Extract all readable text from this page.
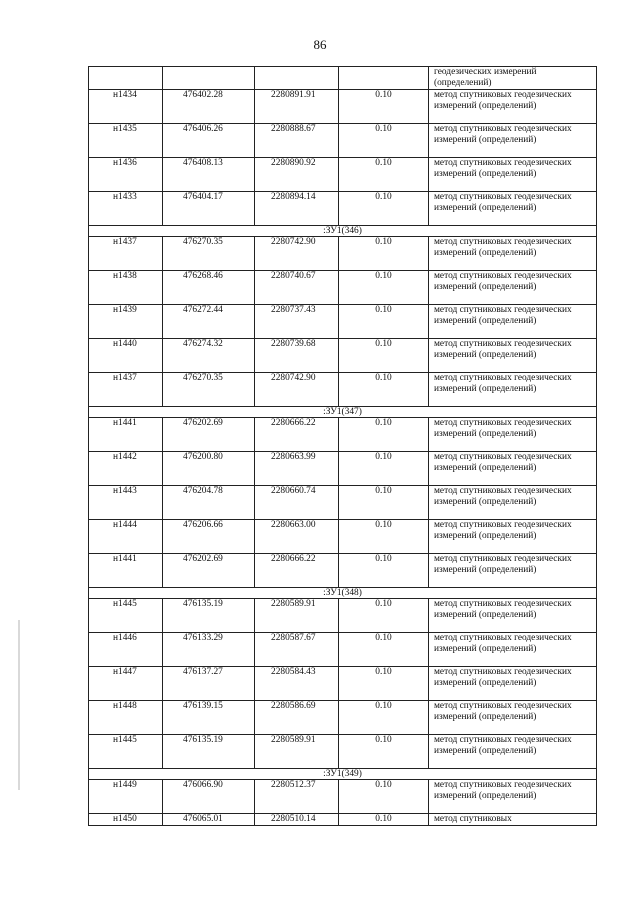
86
				геодезических измерений (определений)
н1434	476402.28	2280891.91	0.10	метод спутниковых геодезических измерений (определений)
н1435	476406.26	2280888.67	0.10	метод спутниковых геодезических измерений (определений)
н1436	476408.13	2280890.92	0.10	метод спутниковых геодезических измерений (определений)
н1433	476404.17	2280894.14	0.10	метод спутниковых геодезических измерений (определений)
:ЗУ1(346)				
н1437	476270.35	2280742.90	0.10	метод спутниковых геодезических измерений (определений)
н1438	476268.46	2280740.67	0.10	метод спутниковых геодезических измерений (определений)
н1439	476272.44	2280737.43	0.10	метод спутниковых геодезических измерений (определений)
н1440	476274.32	2280739.68	0.10	метод спутниковых геодезических измерений (определений)
н1437	476270.35	2280742.90	0.10	метод спутниковых геодезических измерений (определений)
:ЗУ1(347)				
н1441	476202.69	2280666.22	0.10	метод спутниковых геодезических измерений (определений)
н1442	476200.80	2280663.99	0.10	метод спутниковых геодезических измерений (определений)
н1443	476204.78	2280660.74	0.10	метод спутниковых геодезических измерений (определений)
н1444	476206.66	2280663.00	0.10	метод спутниковых геодезических измерений (определений)
н1441	476202.69	2280666.22	0.10	метод спутниковых геодезических измерений (определений)
:ЗУ1(348)				
н1445	476135.19	2280589.91	0.10	метод спутниковых геодезических измерений (определений)
н1446	476133.29	2280587.67	0.10	метод спутниковых геодезических измерений (определений)
н1447	476137.27	2280584.43	0.10	метод спутниковых геодезических измерений (определений)
н1448	476139.15	2280586.69	0.10	метод спутниковых геодезических измерений (определений)
н1445	476135.19	2280589.91	0.10	метод спутниковых геодезических измерений (определений)
:ЗУ1(349)				
н1449	476066.90	2280512.37	0.10	метод спутниковых геодезических измерений (определений)
н1450	476065.01	2280510.14	0.10	метод спутниковых
